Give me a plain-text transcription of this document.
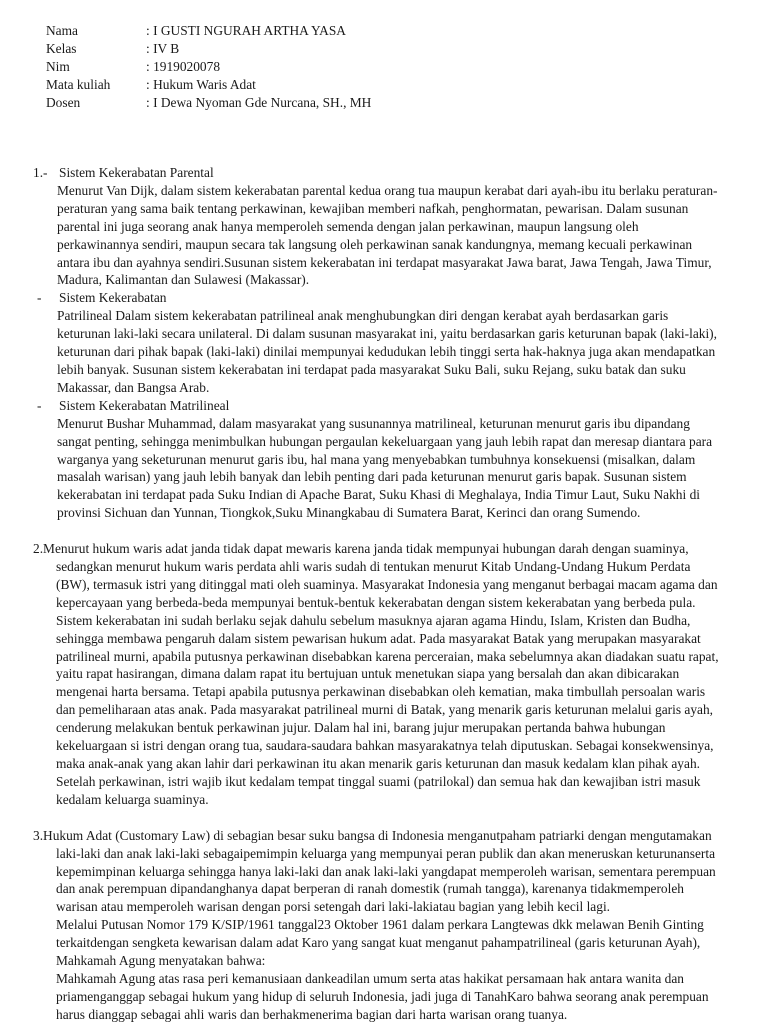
Nama	: I GUSTI NGURAH ARTHA YASA
Kelas	: IV B
Nim	: 1919020078
Mata kuliah	: Hukum Waris Adat
Dosen	: I Dewa Nyoman Gde Nurcana, SH., MH
1.- Sistem Kekerabatan Parental

Menurut Van Dijk, dalam sistem kekerabatan parental kedua orang tua maupun kerabat dari ayah-ibu itu berlaku peraturan-

peraturan yang sama baik tentang perkawinan, kewajiban memberi nafkah, penghormatan, pewarisan. Dalam susunan

parental ini juga seorang anak hanya memperoleh semenda dengan jalan perkawinan, maupun langsung oleh

perkawinannya sendiri, maupun secara tak langsung oleh perkawinan sanak kandungnya, memang kecuali perkawinan

antara ibu dan ayahnya sendiri.Susunan sistem kekerabatan ini terdapat masyarakat Jawa barat, Jawa Tengah, Jawa Timur,

Madura, Kalimantan dan Sulawesi (Makassar).

-	Sistem Kekerabatan

Patrilineal Dalam sistem kekerabatan patrilineal anak menghubungkan diri dengan kerabat ayah berdasarkan garis

keturunan laki-laki secara unilateral. Di dalam susunan masyarakat ini, yaitu berdasarkan garis keturunan bapak (laki-laki),

keturunan dari pihak bapak (laki-laki) dinilai mempunyai kedudukan lebih tinggi serta hak-haknya juga akan mendapatkan

lebih banyak. Susunan sistem kekerabatan ini terdapat pada masyarakat Suku Bali, suku Rejang, suku batak dan suku

Makassar, dan Bangsa Arab.

-	Sistem Kekerabatan Matrilineal

Menurut Bushar Muhammad, dalam masyarakat yang susunannya matrilineal, keturunan menurut garis ibu dipandang

sangat penting, sehingga menimbulkan hubungan pergaulan kekeluargaan yang jauh lebih rapat dan meresap diantara para

warganya yang seketurunan menurut garis ibu, hal mana yang menyebabkan tumbuhnya konsekuensi (misalkan, dalam

masalah warisan) yang jauh lebih banyak dan lebih penting dari pada keturunan menurut garis bapak. Susunan sistem

kekerabatan ini terdapat pada Suku Indian di Apache Barat, Suku Khasi di Meghalaya, India Timur Laut, Suku Nakhi di

provinsi Sichuan dan Yunnan, Tiongkok,Suku Minangkabau di Sumatera Barat, Kerinci dan orang Sumendo.

2.Menurut hukum waris adat janda tidak dapat mewaris karena janda tidak mempunyai hubungan darah dengan suaminya,

sedangkan menurut hukum waris perdata ahli waris sudah di tentukan menurut Kitab Undang-Undang Hukum Perdata

(BW), termasuk istri yang ditinggal mati oleh suaminya. Masyarakat Indonesia yang menganut berbagai macam agama dan

kepercayaan yang berbeda-beda mempunyai bentuk-bentuk kekerabatan dengan sistem kekerabatan yang berbeda pula.

Sistem kekerabatan ini sudah berlaku sejak dahulu sebelum masuknya ajaran agama Hindu, Islam, Kristen dan Budha,

sehingga membawa pengaruh dalam sistem pewarisan hukum adat. Pada masyarakat Batak yang merupakan masyarakat

patrilineal murni, apabila putusnya perkawinan disebabkan karena perceraian, maka sebelumnya akan diadakan suatu rapat,

yaitu rapat hasirangan, dimana dalam rapat itu bertujuan untuk menetukan siapa yang bersalah dan akan dibicarakan

mengenai harta bersama. Tetapi apabila putusnya perkawinan disebabkan oleh kematian, maka timbullah persoalan waris

dan pemeliharaan atas anak. Pada masyarakat patrilineal murni di Batak, yang menarik garis keturunan melalui garis ayah,

cenderung melakukan bentuk perkawinan jujur. Dalam hal ini, barang jujur merupakan pertanda bahwa hubungan

kekeluargaan si istri dengan orang tua, saudara-saudara bahkan masyarakatnya telah diputuskan. Sebagai konsekwensinya,

maka anak-anak yang akan lahir dari perkawinan itu akan menarik garis keturunan dan masuk kedalam klan pihak ayah.

Setelah perkawinan, istri wajib ikut kedalam tempat tinggal suami (patrilokal) dan semua hak dan kewajiban istri masuk

kedalam keluarga suaminya.

3.Hukum Adat (Customary Law) di sebagian besar suku bangsa di Indonesia menganutpaham patriarki dengan mengutamakan

laki-laki dan anak laki-laki sebagaipemimpin keluarga yang mempunyai peran publik dan akan meneruskan keturunanserta

kepemimpinan keluarga sehingga hanya laki-laki dan anak laki-laki yangdapat memperoleh warisan, sementara perempuan

dan anak perempuan dipandanghanya dapat berperan di ranah domestik (rumah tangga), karenanya tidakmemperoleh

warisan atau memperoleh warisan dengan porsi setengah dari laki-lakiatau bagian yang lebih kecil lagi.

Melalui Putusan Nomor 179 K/SIP/1961 tanggal23 Oktober 1961 dalam perkara Langtewas dkk melawan Benih Ginting

terkaitdengan sengketa kewarisan dalam adat Karo yang sangat kuat menganut pahampatrilineal (garis keturunan Ayah),

Mahkamah Agung menyatakan bahwa:

Mahkamah Agung atas rasa peri kemanusiaan dankeadilan umum serta atas hakikat persamaan hak antara wanita dan

priamenganggap sebagai hukum yang hidup di seluruh Indonesia, jadi juga di TanahKaro bahwa seorang anak perempuan

harus dianggap sebagai ahli waris dan berhakmenerima bagian dari harta warisan orang tuanya.
